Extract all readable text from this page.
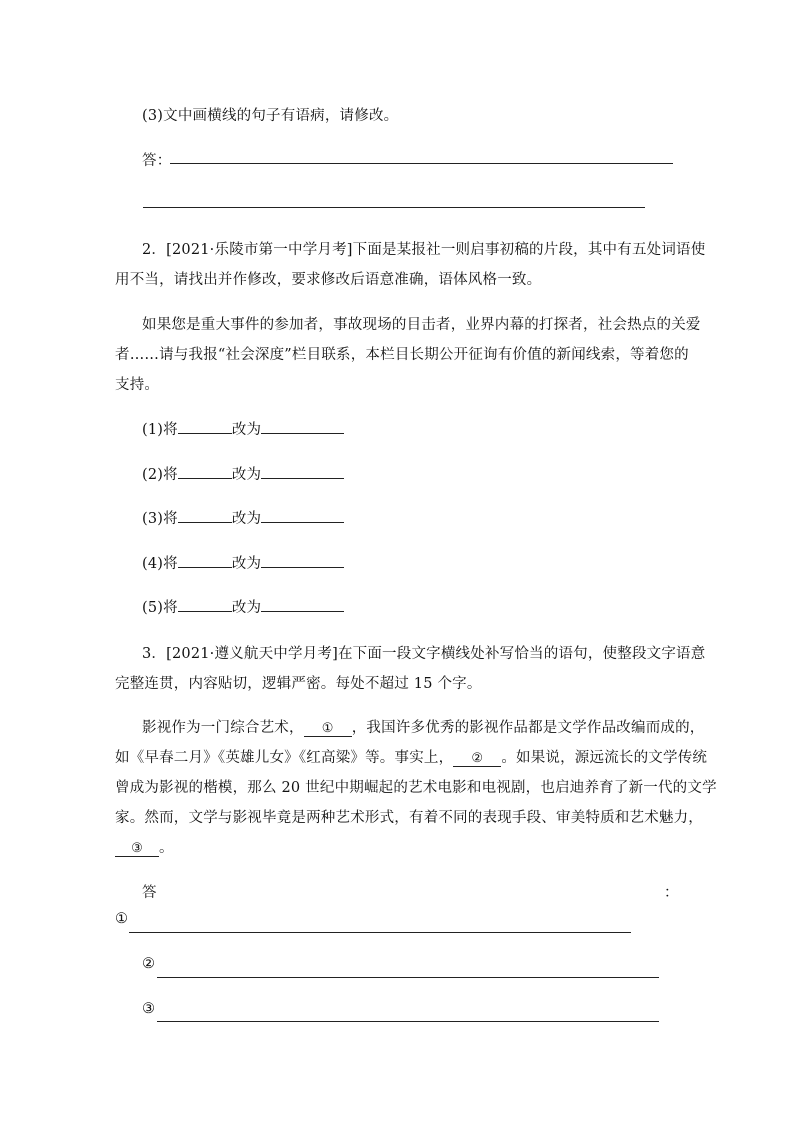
(3)文中画横线的句子有语病，请修改。
答：
2．[2021·乐陵市第一中学月考]下面是某报社一则启事初稿的片段，其中有五处词语使
用不当，请找出并作修改，要求修改后语意准确，语体风格一致。
如果您是重大事件的参加者，事故现场的目击者，业界内幕的打探者，社会热点的关爱
者……请与我报“社会深度”栏目联系，本栏目长期公开征询有价值的新闻线索，等着您的
支持。
(1)将	改为
(2)将	改为
(3)将	改为
(4)将	改为
(5)将	改为
3．[2021·遵义航天中学月考]在下面一段文字横线处补写恰当的语句，使整段文字语意
完整连贯，内容贴切，逻辑严密。每处不超过 15 个字。
影视作为一门综合艺术， ① ，我国许多优秀的影视作品都是文学作品改编而成的，
如《早春二月》《英雄儿女》《红高粱》等。事实上， ② 。如果说，源远流长的文学传统
曾成为影视的楷模，那么 20 世纪中期崛起的艺术电影和电视剧，也启迪养育了新一代的文学
家。然而，文学与影视毕竟是两种艺术形式，有着不同的表现手段、审美特质和艺术魅力，
③ 。
答	：
①
②
③
